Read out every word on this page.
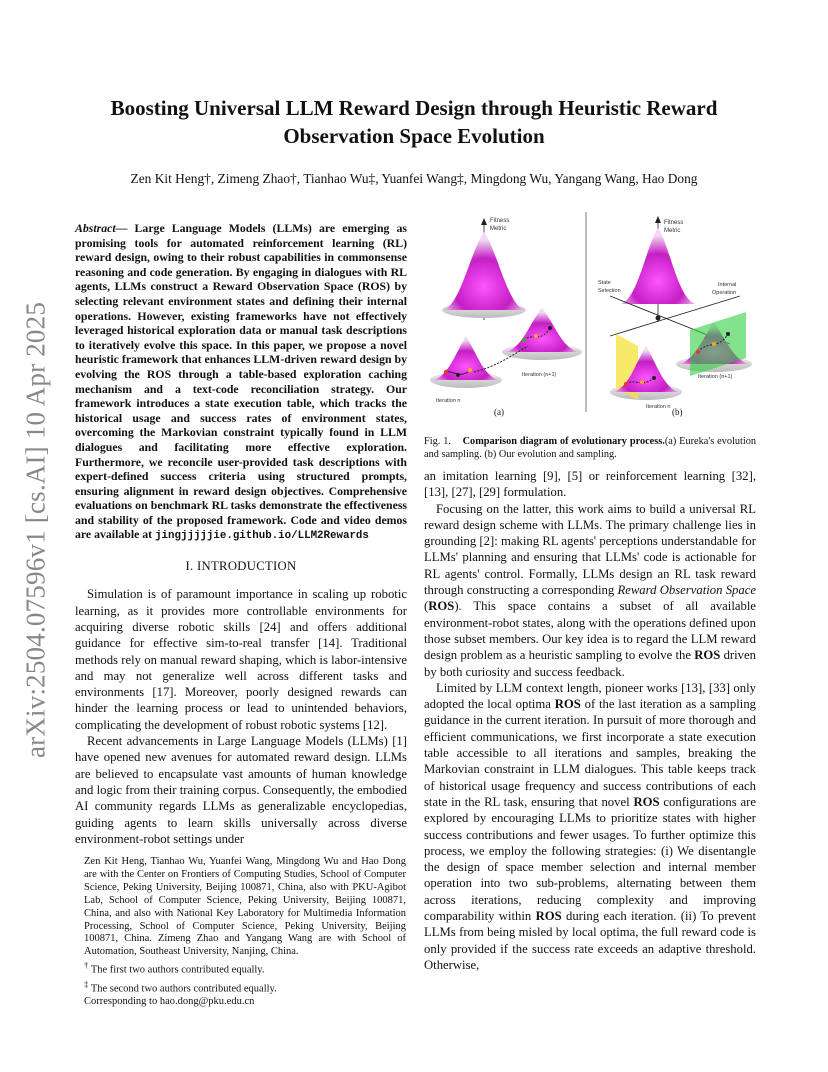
arXiv:2504.07596v1 [cs.AI] 10 Apr 2025
Boosting Universal LLM Reward Design through Heuristic Reward Observation Space Evolution
Zen Kit Heng†, Zimeng Zhao†, Tianhao Wu‡, Yuanfei Wang‡, Mingdong Wu, Yangang Wang, Hao Dong

Abstract— Large Language Models (LLMs) are emerging as promising tools for automated reinforcement learning (RL) reward design, owing to their robust capabilities in commonsense reasoning and code generation. By engaging in dialogues with RL agents, LLMs construct a Reward Observation Space (ROS) by selecting relevant environment states and defining their internal operations. However, existing frameworks have not effectively leveraged historical exploration data or manual task descriptions to iteratively evolve this space. In this paper, we propose a novel heuristic framework that enhances LLM-driven reward design by evolving the ROS through a table-based exploration caching mechanism and a text-code reconciliation strategy. Our framework introduces a state execution table, which tracks the historical usage and success rates of environment states, overcoming the Markovian constraint typically found in LLM dialogues and facilitating more effective exploration. Furthermore, we reconcile user-provided task descriptions with expert-defined success criteria using structured prompts, ensuring alignment in reward design objectives. Comprehensive evaluations on benchmark RL tasks demonstrate the effectiveness and stability of the proposed framework. Code and video demos are available at jingjjjjjie.github.io/LLM2Rewards

I. INTRODUCTION

Simulation is of paramount importance in scaling up robotic learning, as it provides more controllable environments for acquiring diverse robotic skills [24] and offers additional guidance for effective sim-to-real transfer [14]. Traditional methods rely on manual reward shaping, which is labor-intensive and may not generalize well across different tasks and environments [17]. Moreover, poorly designed rewards can hinder the learning process or lead to unintended behaviors, complicating the development of robust robotic systems [12].

Recent advancements in Large Language Models (LLMs) [1] have opened new avenues for automated reward design. LLMs are believed to encapsulate vast amounts of human knowledge and logic from their training corpus. Consequently, the embodied AI community regards LLMs as generalizable encyclopedias, guiding agents to learn skills universally across diverse environment-robot settings under

Zen Kit Heng, Tianhao Wu, Yuanfei Wang, Mingdong Wu and Hao Dong are with the Center on Frontiers of Computing Studies, School of Computer Science, Peking University, Beijing 100871, China, also with PKU-Agibot Lab, School of Computer Science, Peking University, Beijing 100871, China, and also with National Key Laboratory for Multimedia Information Processing, School of Computer Science, Peking University, Beijing 100871, China. Zimeng Zhao and Yangang Wang are with School of Automation, Southeast University, Nanjing, China.

† The first two authors contributed equally.

‡ The second two authors contributed equally.

Corresponding to hao.dong@pku.edu.cn

Fitness
Metric
Iteration n
Iteration (n+1)
(a)
Fitness
Metric
State
Selection
Internal
Operation
Iteration n
Iteration (n+1)
(b)
Fig. 1. Comparison diagram of evolutionary process.(a) Eureka's evolution and sampling. (b) Our evolution and sampling.

an imitation learning [9], [5] or reinforcement learning [32], [13], [27], [29] formulation.

Focusing on the latter, this work aims to build a universal RL reward design scheme with LLMs. The primary challenge lies in grounding [2]: making RL agents' perceptions understandable for LLMs' planning and ensuring that LLMs' code is actionable for RL agents' control. Formally, LLMs design an RL task reward through constructing a corresponding Reward Observation Space (ROS). This space contains a subset of all available environment-robot states, along with the operations defined upon those subset members. Our key idea is to regard the LLM reward design problem as a heuristic sampling to evolve the ROS driven by both curiosity and success feedback.

Limited by LLM context length, pioneer works [13], [33] only adopted the local optima ROS of the last iteration as a sampling guidance in the current iteration. In pursuit of more thorough and efficient communications, we first incorporate a state execution table accessible to all iterations and samples, breaking the Markovian constraint in LLM dialogues. This table keeps track of historical usage frequency and success contributions of each state in the RL task, ensuring that novel ROS configurations are explored by encouraging LLMs to prioritize states with higher success contributions and fewer usages. To further optimize this process, we employ the following strategies: (i) We disentangle the design of space member selection and internal member operation into two sub-problems, alternating between them across iterations, reducing complexity and improving comparability within ROS during each iteration. (ii) To prevent LLMs from being misled by local optima, the full reward code is only provided if the success rate exceeds an adaptive threshold. Otherwise,
